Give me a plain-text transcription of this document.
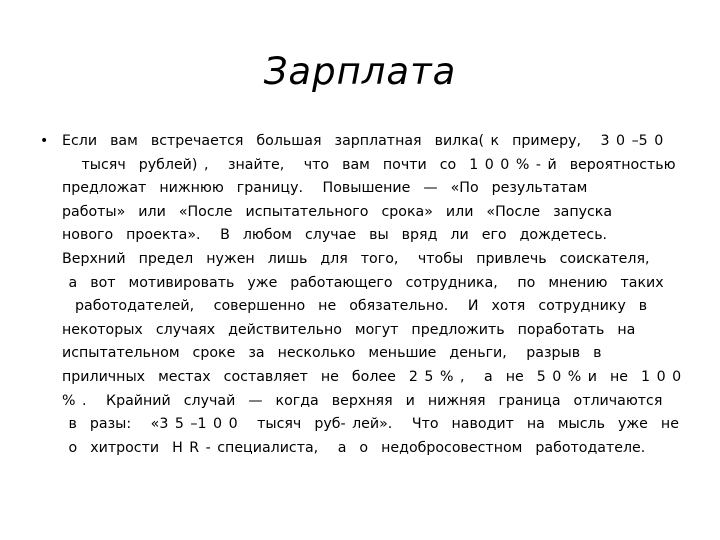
Зарплата
• Если  вам  встречается  большая  зарплатная  вилка( к  примеру,   3 0 –5 0
тысяч  рублей) ,   знайте,   что  вам  почти  со  1 0 0 % - й  вероятностью
предложат  нижнюю  границу.   Повышение  —  «По  результатам
работы»  или  «После  испытательного  срока»  или  «После  запуска
нового  проекта».   В  любом  случае  вы  вряд  ли  его  дождетесь.
Верхний  предел  нужен  лишь  для  того,   чтобы  привлечь  соискателя,
а  вот  мотивировать  уже  работающего  сотрудника,   по  мнению  таких
работодателей,   совершенно  не  обязательно.   И  хотя  сотруднику  в
некоторых  случаях  действительно  могут  предложить  поработать  на
испытательном  сроке  за  несколько  меньшие  деньги,   разрыв  в
приличных  местах  составляет  не  более  2 5 % ,   а  не  5 0 % и  не  1 0 0
% .   Крайний  случай  —  когда  верхняя  и  нижняя  граница  отличаются
в  разы:   «3 5 –1 0 0   тысяч  руб- лей».   Что  наводит  на  мысль  уже  не
о  хитрости  H R - специалиста,   а  о  недобросовестном  работодателе.
